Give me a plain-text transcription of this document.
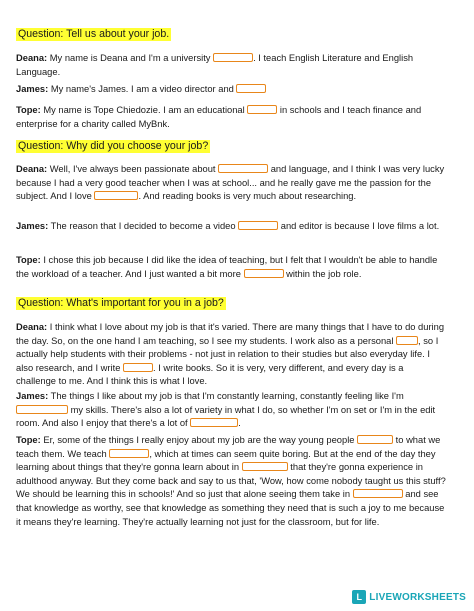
Question: Tell us about your job.
Deana: My name is Deana and I'm a university	. I teach English Literature and English Language.
James: My name's James. I am a video director and
Tope: My name is Tope Chiedozie. I am an educational	in schools and I teach finance and enterprise for a charity called MyBnk.
Question: Why did you choose your job?
Deana: Well, I've always been passionate about	and language, and I think I was very lucky because I had a very good teacher when I was at school... and he really gave me the passion for the subject. And I love	. And reading books is very much about researching.
James: The reason that I decided to become a video	and editor is because I love films a lot.
Tope: I chose this job because I did like the idea of teaching, but I felt that I wouldn't be able to handle the workload of a teacher. And I just wanted a bit more	within the job role.
Question: What's important for you in a job?
Deana: I think what I love about my job is that it's varied. There are many things that I have to do during the day. So, on the one hand I am teaching, so I see my students. I work also as a personal	, so I actually help students with their problems - not just in relation to their studies but also everyday life. I also research, and I write	. I write books. So it is very, very different, and every day is a challenge to me. And I think this is what I love.
James: The things I like about my job is that I'm constantly learning, constantly feeling like I'm  my skills. There's also a lot of variety in what I do, so whether I'm on set or I'm in the edit room. And also I enjoy that there's a lot of	.
Tope: Er, some of the things I really enjoy about my job are the way young people	to what we teach them. We teach	, which at times can seem quite boring. But at the end of the day they learning about things that they're gonna learn about in	that they're gonna experience in adulthood anyway. But they come back and say to us that, 'Wow, how come nobody taught us this stuff? We should be learning this in schools!' And so just that alone seeing them take in	and see that knowledge as worthy, see that knowledge as something they need that is such a joy to me because it means they're learning. They're actually learning not just for the classroom, but for life.
L LIVEWORKSHEETS
